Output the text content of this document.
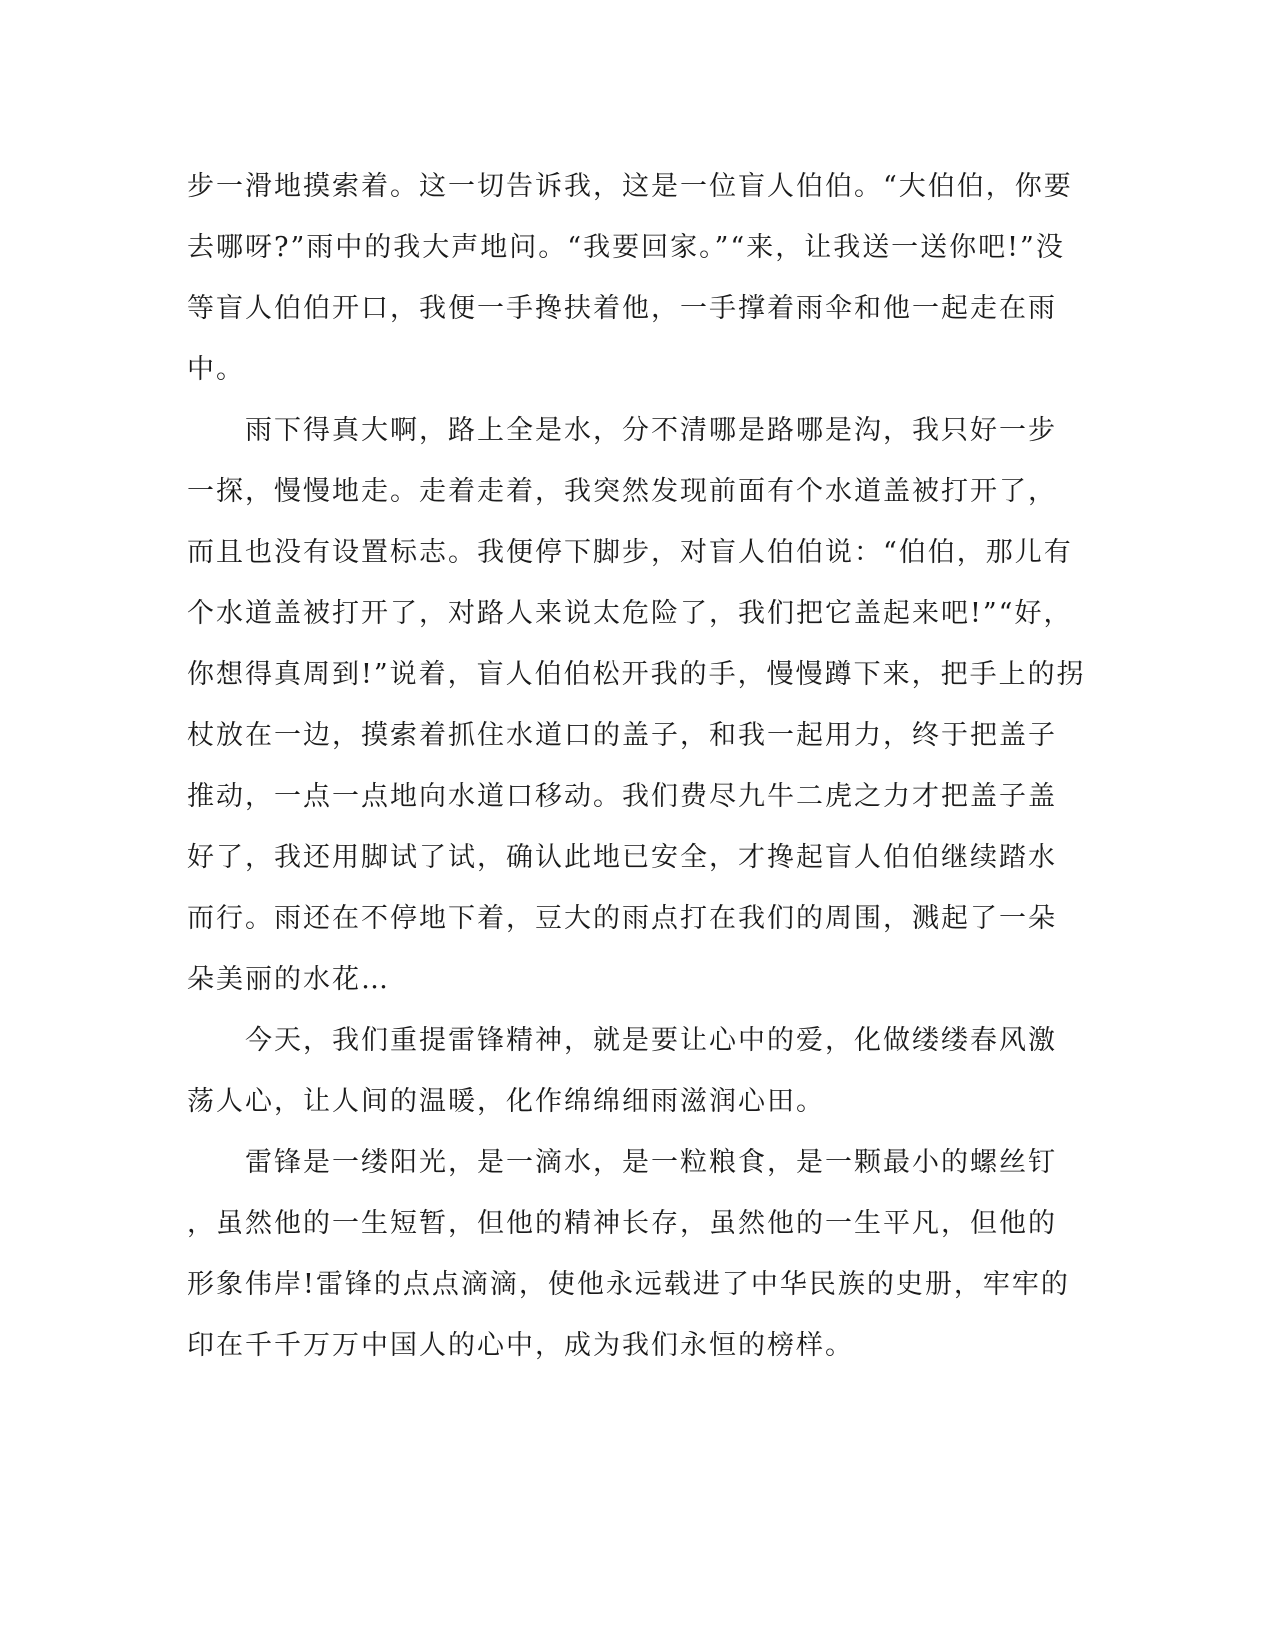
步一滑地摸索着。这一切告诉我，这是一位盲人伯伯。“大伯伯，你要
去哪呀?”雨中的我大声地问。“我要回家。”“来，让我送一送你吧!”没
等盲人伯伯开口，我便一手搀扶着他，一手撑着雨伞和他一起走在雨
中。
　　雨下得真大啊，路上全是水，分不清哪是路哪是沟，我只好一步
一探，慢慢地走。走着走着，我突然发现前面有个水道盖被打开了，
而且也没有设置标志。我便停下脚步，对盲人伯伯说：“伯伯，那儿有
个水道盖被打开了，对路人来说太危险了，我们把它盖起来吧!”“好，
你想得真周到!”说着，盲人伯伯松开我的手，慢慢蹲下来，把手上的拐
杖放在一边，摸索着抓住水道口的盖子，和我一起用力，终于把盖子
推动，一点一点地向水道口移动。我们费尽九牛二虎之力才把盖子盖
好了，我还用脚试了试，确认此地已安全，才搀起盲人伯伯继续踏水
而行。雨还在不停地下着，豆大的雨点打在我们的周围，溅起了一朵
朵美丽的水花…
　　今天，我们重提雷锋精神，就是要让心中的爱，化做缕缕春风激
荡人心，让人间的温暖，化作绵绵细雨滋润心田。
　　雷锋是一缕阳光，是一滴水，是一粒粮食，是一颗最小的螺丝钉
，虽然他的一生短暂，但他的精神长存，虽然他的一生平凡，但他的
形象伟岸!雷锋的点点滴滴，使他永远载进了中华民族的史册，牢牢的
印在千千万万中国人的心中，成为我们永恒的榜样。
